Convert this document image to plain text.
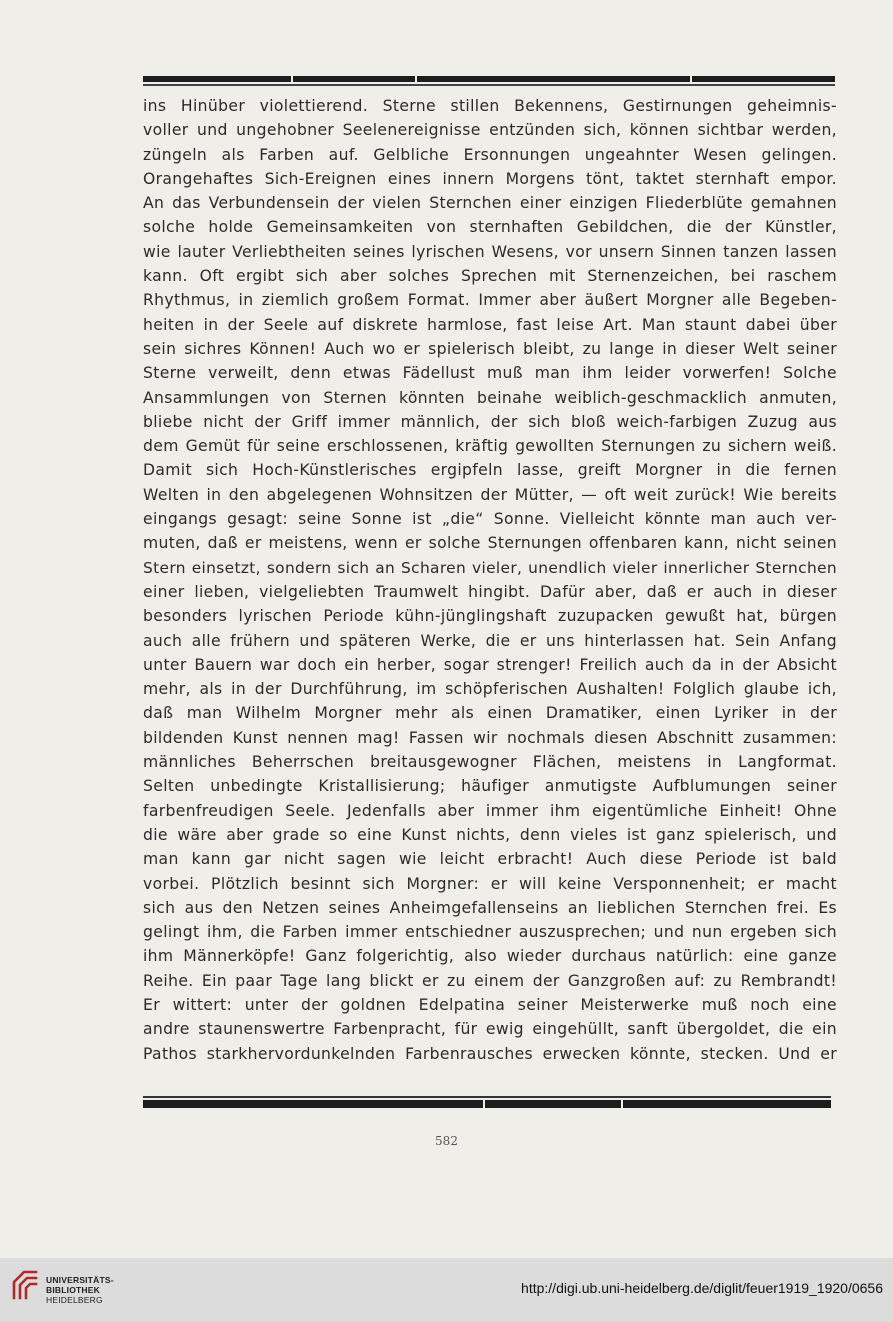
ins Hinüber violettierend. Sterne stillen Bekennens, Gestirnungen geheimnis-
voller und ungehobner Seelenereignisse entzünden sich, können sichtbar werden,
züngeln als Farben auf. Gelbliche Ersonnungen ungeahnter Wesen gelingen.
Orangehaftes Sich-Ereignen eines innern Morgens tönt, taktet sternhaft empor.
An das Verbundensein der vielen Sternchen einer einzigen Fliederblüte gemahnen
solche holde Gemeinsamkeiten von sternhaften Gebildchen, die der Künstler,
wie lauter Verliebtheiten seines lyrischen Wesens, vor unsern Sinnen tanzen lassen
kann. Oft ergibt sich aber solches Sprechen mit Sternenzeichen, bei raschem
Rhythmus, in ziemlich großem Format. Immer aber äußert Morgner alle Begeben-
heiten in der Seele auf diskrete harmlose, fast leise Art. Man staunt dabei über
sein sichres Können! Auch wo er spielerisch bleibt, zu lange in dieser Welt seiner
Sterne verweilt, denn etwas Fädellust muß man ihm leider vorwerfen! Solche
Ansammlungen von Sternen könnten beinahe weiblich-geschmacklich anmuten,
bliebe nicht der Griff immer männlich, der sich bloß weich-farbigen Zuzug aus
dem Gemüt für seine erschlossenen, kräftig gewollten Sternungen zu sichern weiß.
Damit sich Hoch-Künstlerisches ergipfeln lasse, greift Morgner in die fernen
Welten in den abgelegenen Wohnsitzen der Mütter, — oft weit zurück! Wie bereits
eingangs gesagt: seine Sonne ist „die“ Sonne. Vielleicht könnte man auch ver-
muten, daß er meistens, wenn er solche Sternungen offenbaren kann, nicht seinen
Stern einsetzt, sondern sich an Scharen vieler, unendlich vieler innerlicher Sternchen
einer lieben, vielgeliebten Traumwelt hingibt. Dafür aber, daß er auch in dieser
besonders lyrischen Periode kühn-jünglingshaft zuzupacken gewußt hat, bürgen
auch alle frühern und späteren Werke, die er uns hinterlassen hat. Sein Anfang
unter Bauern war doch ein herber, sogar strenger! Freilich auch da in der Absicht
mehr, als in der Durchführung, im schöpferischen Aushalten! Folglich glaube ich,
daß man Wilhelm Morgner mehr als einen Dramatiker, einen Lyriker in der
bildenden Kunst nennen mag! Fassen wir nochmals diesen Abschnitt zusammen:
männliches Beherrschen breitausgewogner Flächen, meistens in Langformat.
Selten unbedingte Kristallisierung; häufiger anmutigste Aufblumungen seiner
farbenfreudigen Seele. Jedenfalls aber immer ihm eigentümliche Einheit! Ohne
die wäre aber grade so eine Kunst nichts, denn vieles ist ganz spielerisch, und
man kann gar nicht sagen wie leicht erbracht! Auch diese Periode ist bald
vorbei. Plötzlich besinnt sich Morgner: er will keine Versponnenheit; er macht
sich aus den Netzen seines Anheimgefallenseins an lieblichen Sternchen frei. Es
gelingt ihm, die Farben immer entschiedner auszusprechen; und nun ergeben sich
ihm Männerköpfe! Ganz folgerichtig, also wieder durchaus natürlich: eine ganze
Reihe. Ein paar Tage lang blickt er zu einem der Ganzgroßen auf: zu Rembrandt!
Er wittert: unter der goldnen Edelpatina seiner Meisterwerke muß noch eine
andre staunenswertre Farbenpracht, für ewig eingehüllt, sanft übergoldet, die ein
Pathos starkhervordunkelnden Farbenrausches erwecken könnte, stecken. Und er
582
UNIVERSITÄTS-
BIBLIOTHEK
HEIDELBERG
http://digi.ub.uni-heidelberg.de/diglit/feuer1919_1920/0656
